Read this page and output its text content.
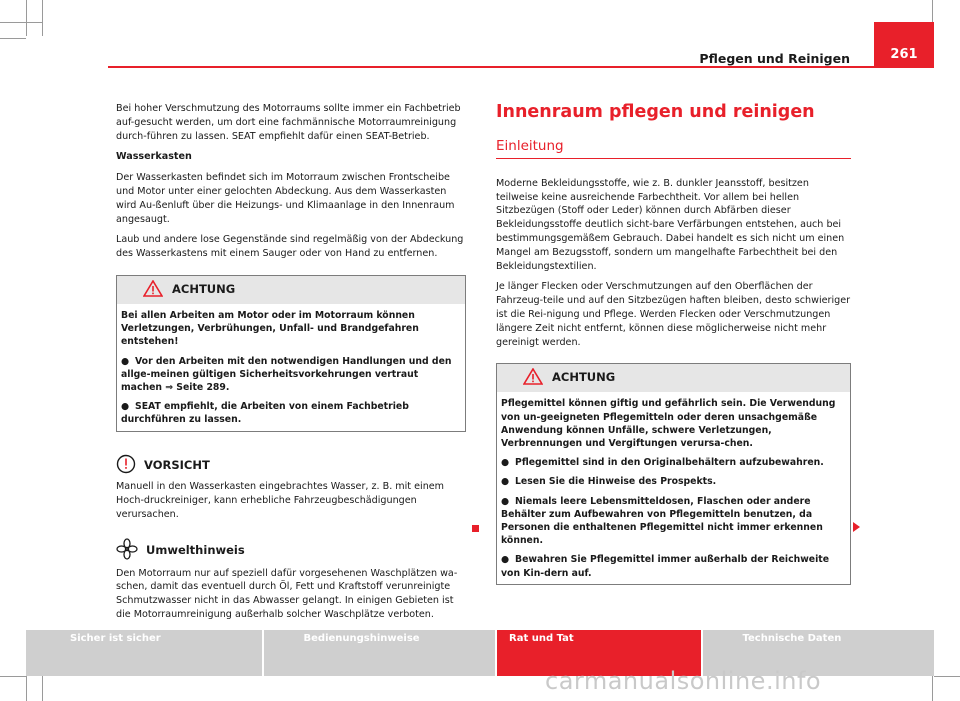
Pflegen und Reinigen	261

Bei hoher Verschmutzung des Motorraums sollte immer ein Fachbetrieb auf-gesucht werden, um dort eine fachmännische Motorraumreinigung durch-führen zu lassen. SEAT empfiehlt dafür einen SEAT-Betrieb.

Wasserkasten

Der Wasserkasten befindet sich im Motorraum zwischen Frontscheibe und Motor unter einer gelochten Abdeckung. Aus dem Wasserkasten wird Au-ßenluft über die Heizungs- und Klimaanlage in den Innenraum angesaugt.

Laub und andere lose Gegenstände sind regelmäßig von der Abdeckung des Wasserkastens mit einem Sauger oder von Hand zu entfernen.

ACHTUNG

Bei allen Arbeiten am Motor oder im Motorraum können Verletzungen, Verbrühungen, Unfall- und Brandgefahren entstehen!

● Vor den Arbeiten mit den notwendigen Handlungen und den allge-meinen gültigen Sicherheitsvorkehrungen vertraut machen ⇒ Seite 289.

● SEAT empfiehlt, die Arbeiten von einem Fachbetrieb durchführen zu lassen.

VORSICHT

Manuell in den Wasserkasten eingebrachtes Wasser, z. B. mit einem Hoch-druckreiniger, kann erhebliche Fahrzeugbeschädigungen verursachen.

Umwelthinweis

Den Motorraum nur auf speziell dafür vorgesehenen Waschplätzen wa-schen, damit das eventuell durch Öl, Fett und Kraftstoff verunreinigte Schmutzwasser nicht in das Abwasser gelangt. In einigen Gebieten ist die Motorraumreinigung außerhalb solcher Waschplätze verboten.

Innenraum pflegen und reinigen
Einleitung

Moderne Bekleidungsstoffe, wie z. B. dunkler Jeansstoff, besitzen teilweise keine ausreichende Farbechtheit. Vor allem bei hellen Sitzbezügen (Stoff oder Leder) können durch Abfärben dieser Bekleidungsstoffe deutlich sicht-bare Verfärbungen entstehen, auch bei bestimmungsgemäßem Gebrauch. Dabei handelt es sich nicht um einen Mangel am Bezugsstoff, sondern um mangelhafte Farbechtheit bei den Bekleidungstextilien.

Je länger Flecken oder Verschmutzungen auf den Oberflächen der Fahrzeug-teile und auf den Sitzbezügen haften bleiben, desto schwieriger ist die Rei-nigung und Pflege. Werden Flecken oder Verschmutzungen längere Zeit nicht entfernt, können diese möglicherweise nicht mehr gereinigt werden.

ACHTUNG

Pflegemittel können giftig und gefährlich sein. Die Verwendung von un-geeigneten Pflegemitteln oder deren unsachgemäße Anwendung können Unfälle, schwere Verletzungen, Verbrennungen und Vergiftungen verursa-chen.

● Pflegemittel sind in den Originalbehältern aufzubewahren.

● Lesen Sie die Hinweise des Prospekts.

● Niemals leere Lebensmitteldosen, Flaschen oder andere Behälter zum Aufbewahren von Pflegemitteln benutzen, da Personen die enthaltenen Pflegemittel nicht immer erkennen können.

● Bewahren Sie Pflegemittel immer außerhalb der Reichweite von Kin-dern auf.

Sicher ist sicher	Bedienungshinweise	Rat und Tat	Technische Daten
carmanualsonline.info
